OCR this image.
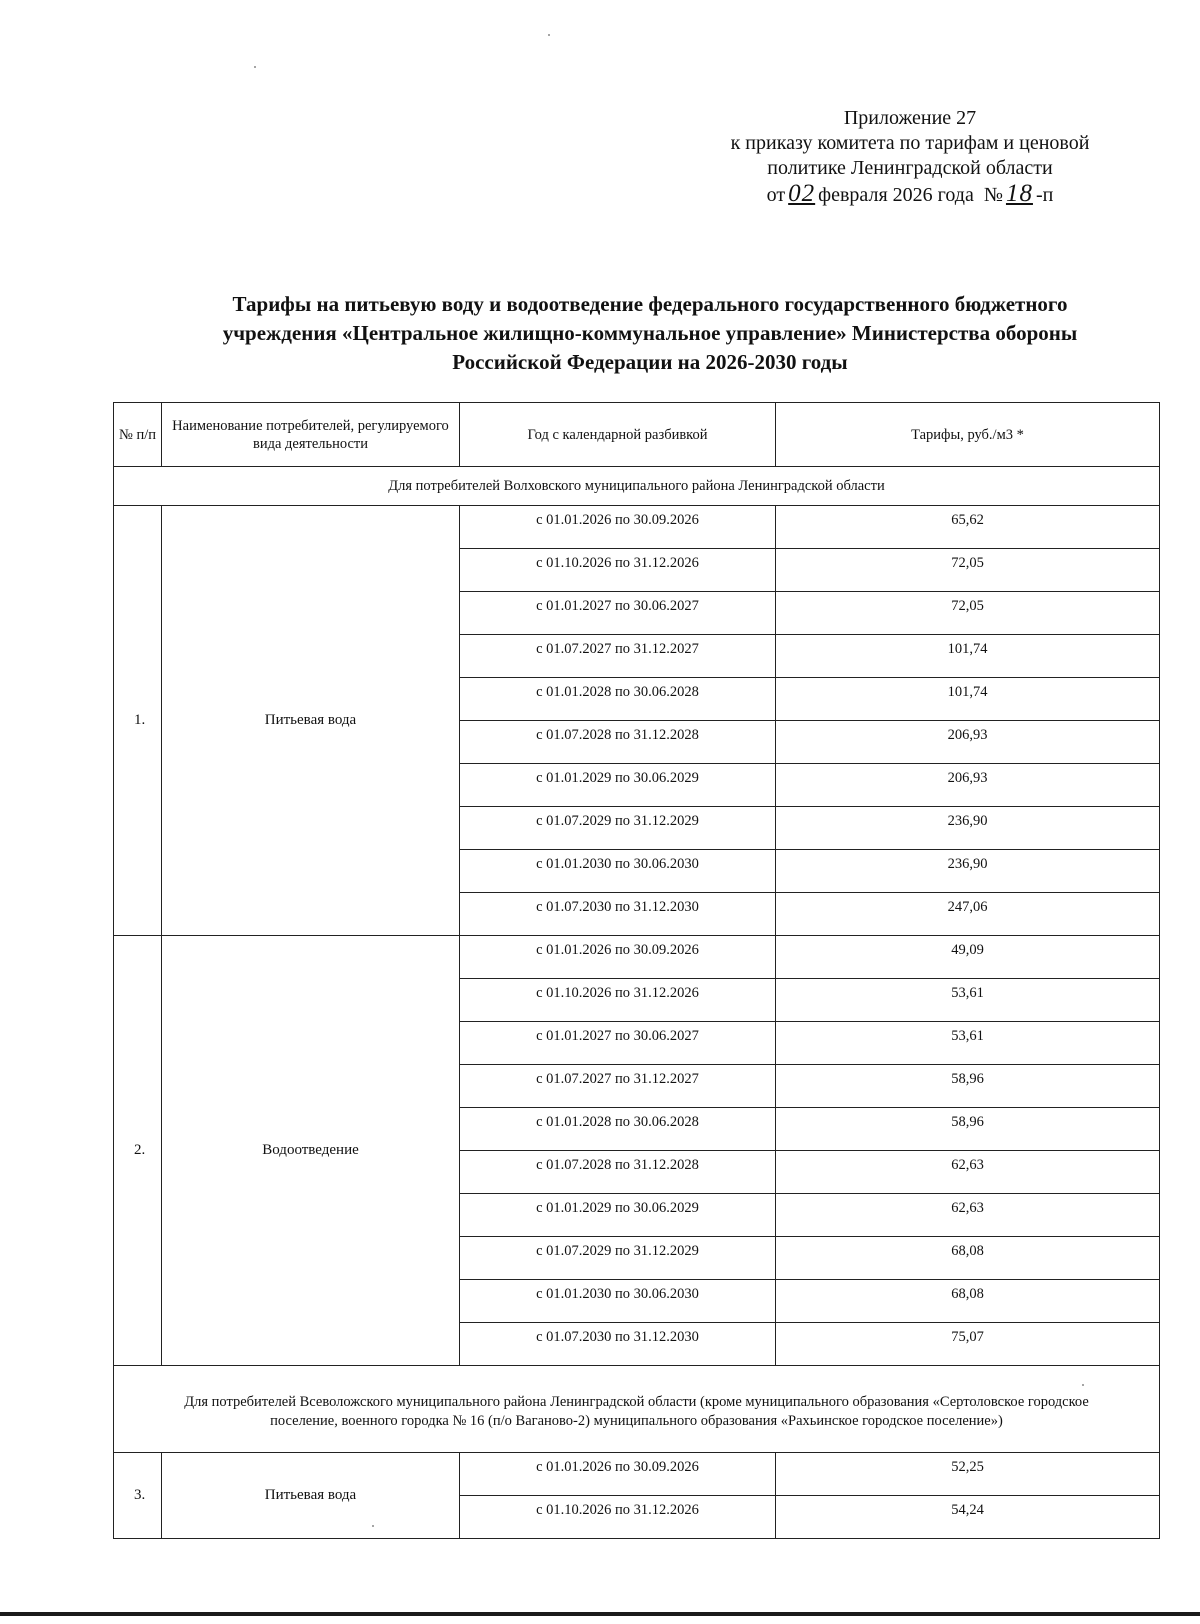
Приложение 27
к приказу комитета по тарифам и ценовой
политике Ленинградской области
от 02 февраля 2026 года № 18 -п
Тарифы на питьевую воду и водоотведение федерального государственного бюджетного
учреждения «Центральное жилищно-коммунальное управление» Министерства обороны
Российской Федерации на 2026-2030 годы
№ п/п	Наименование потребителей, регулируемого вида деятельности	Год с календарной разбивкой	Тарифы, руб./м3 *
Для потребителей Волховского муниципального района Ленинградской области			
1.	Питьевая вода	с 01.01.2026 по 30.09.2026	65,62
		с 01.10.2026 по 31.12.2026	72,05
		с 01.01.2027 по 30.06.2027	72,05
		с 01.07.2027 по 31.12.2027	101,74
		с 01.01.2028 по 30.06.2028	101,74
		с 01.07.2028 по 31.12.2028	206,93
		с 01.01.2029 по 30.06.2029	206,93
		с 01.07.2029 по 31.12.2029	236,90
		с 01.01.2030 по 30.06.2030	236,90
		с 01.07.2030 по 31.12.2030	247,06
2.	Водоотведение	с 01.01.2026 по 30.09.2026	49,09
		с 01.10.2026 по 31.12.2026	53,61
		с 01.01.2027 по 30.06.2027	53,61
		с 01.07.2027 по 31.12.2027	58,96
		с 01.01.2028 по 30.06.2028	58,96
		с 01.07.2028 по 31.12.2028	62,63
		с 01.01.2029 по 30.06.2029	62,63
		с 01.07.2029 по 31.12.2029	68,08
		с 01.01.2030 по 30.06.2030	68,08
		с 01.07.2030 по 31.12.2030	75,07
Для потребителей Всеволожского муниципального района Ленинградской области (кроме муниципального образования «Сертоловское городское поселение, военного городка № 16 (п/о Ваганово-2) муниципального образования «Рахьинское городское поселение»)			
3.	Питьевая вода	с 01.01.2026 по 30.09.2026	52,25
		с 01.10.2026 по 31.12.2026	54,24
